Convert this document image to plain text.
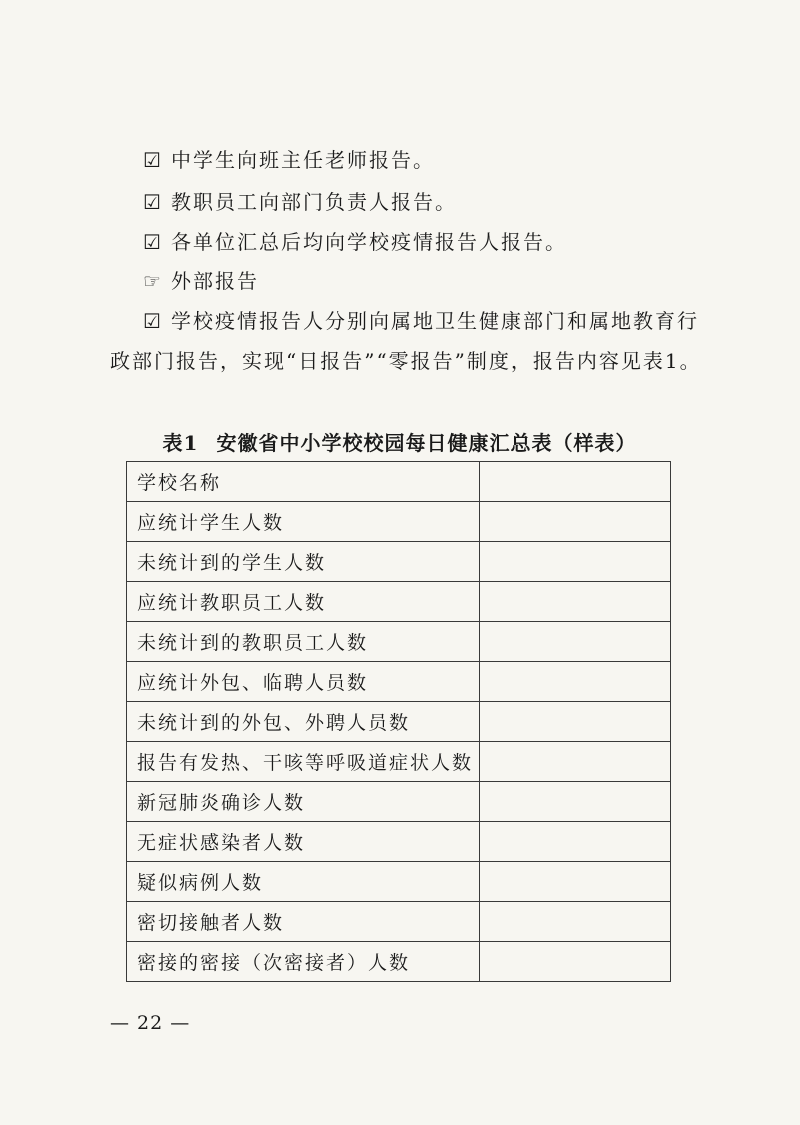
☑ 中学生向班主任老师报告。
☑ 教职员工向部门负责人报告。
☑ 各单位汇总后均向学校疫情报告人报告。
☞ 外部报告
☑ 学校疫情报告人分别向属地卫生健康部门和属地教育行
政部门报告，实现“日报告”“零报告”制度，报告内容见表1。
表1 安徽省中小学校校园每日健康汇总表（样表）
学校名称	
应统计学生人数	
未统计到的学生人数	
应统计教职员工人数	
未统计到的教职员工人数	
应统计外包、临聘人员数	
未统计到的外包、外聘人员数	
报告有发热、干咳等呼吸道症状人数	
新冠肺炎确诊人数	
无症状感染者人数	
疑似病例人数	
密切接触者人数	
密接的密接（次密接者）人数	
— 22 —
